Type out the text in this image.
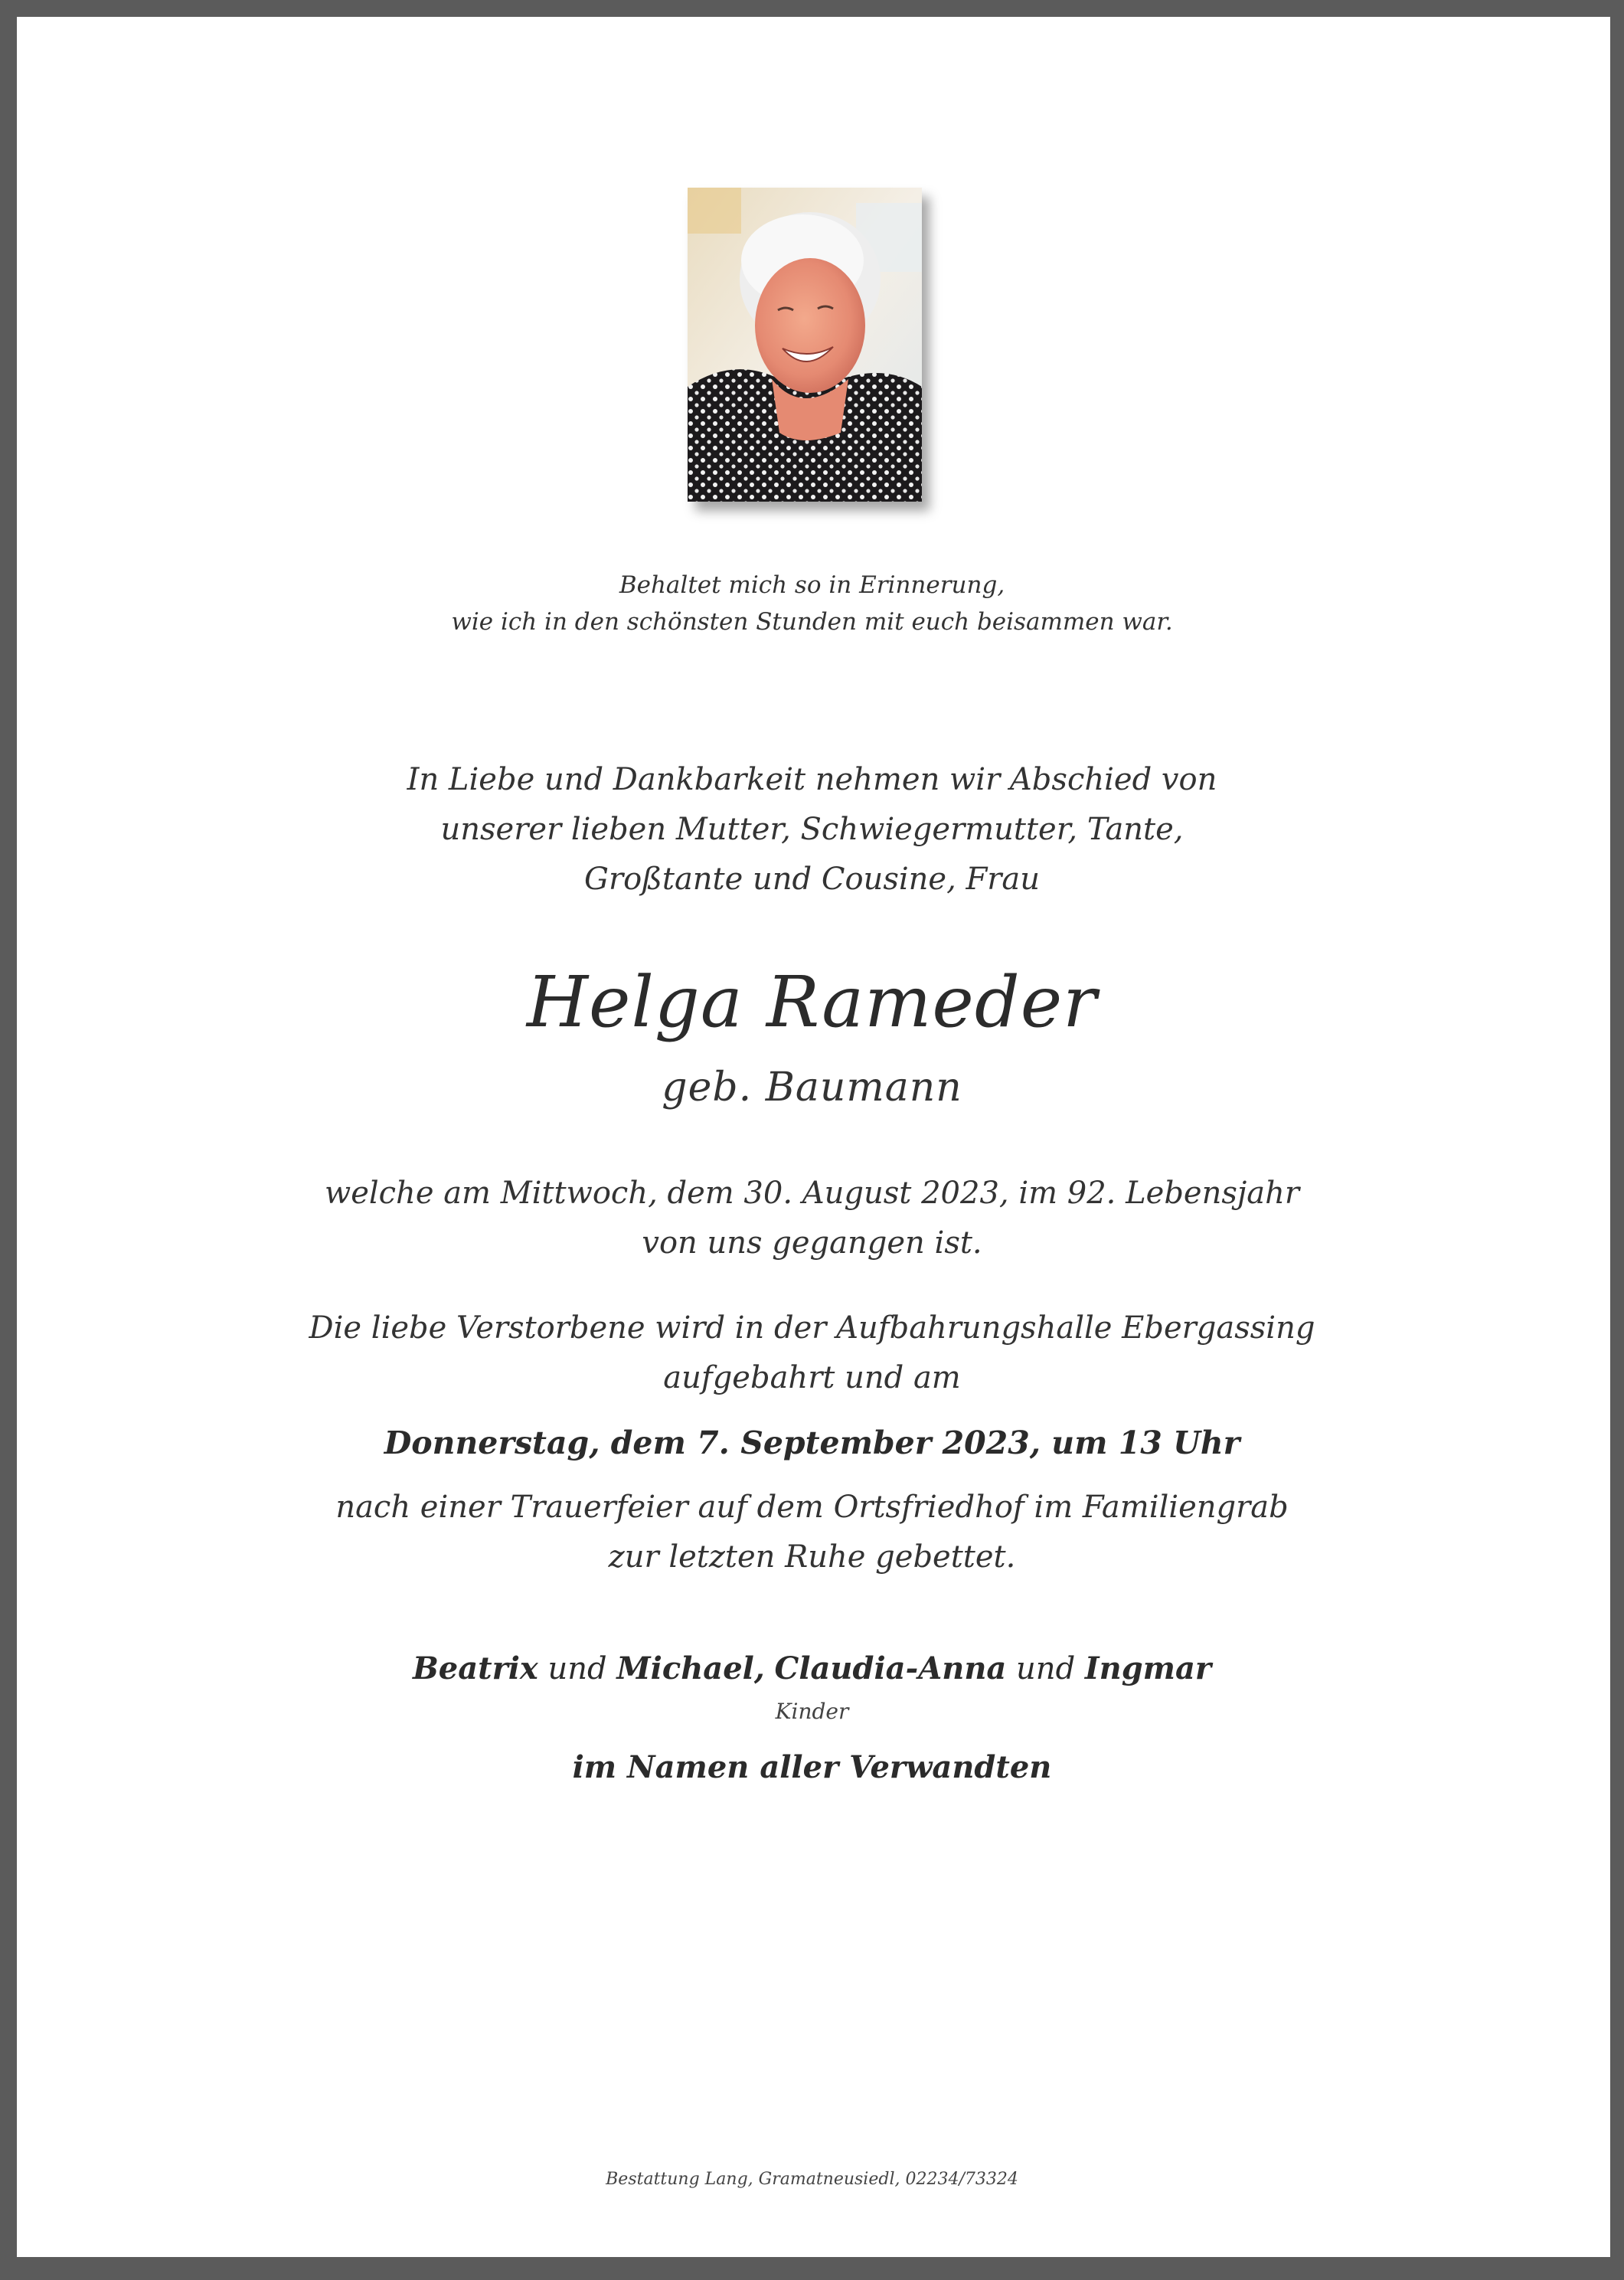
Behaltet mich so in Erinnerung,
wie ich in den schönsten Stunden mit euch beisammen war.
In Liebe und Dankbarkeit nehmen wir Abschied von
unserer lieben Mutter, Schwiegermutter, Tante,
Großtante und Cousine, Frau
Helga Rameder
geb. Baumann
welche am Mittwoch, dem 30. August 2023, im 92. Lebensjahr
von uns gegangen ist.
Die liebe Verstorbene wird in der Aufbahrungshalle Ebergassing
aufgebahrt und am
Donnerstag, dem 7. September 2023, um 13 Uhr
nach einer Trauerfeier auf dem Ortsfriedhof im Familiengrab
zur letzten Ruhe gebettet.
Beatrix und Michael, Claudia-Anna und Ingmar
Kinder
im Namen aller Verwandten
Bestattung Lang, Gramatneusiedl, 02234/73324
